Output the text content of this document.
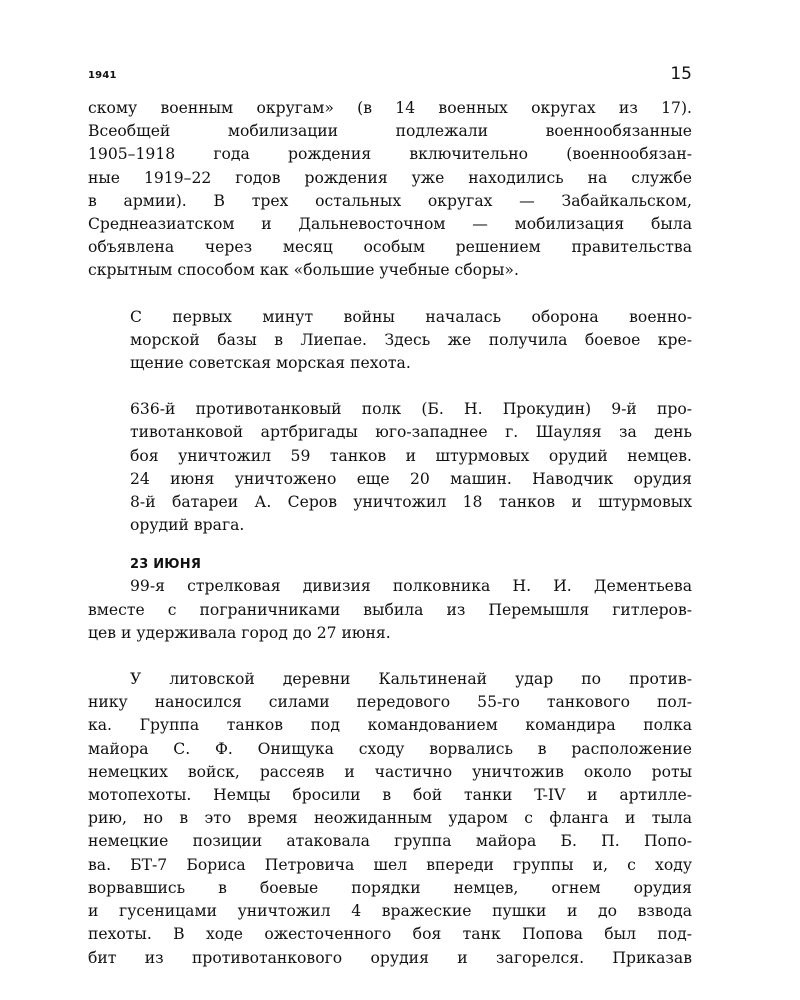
1941	15

скому военным округам» (в 14 военных округах из 17).
Всеобщей мобилизации подлежали военнообязанные
1905–1918 года рождения включительно (военнообязан-
ные 1919–22 годов рождения уже находились на службе
в армии). В трех остальных округах — Забайкальском,
Среднеазиатском и Дальневосточном — мобилизация была
объявлена через месяц особым решением правительства
скрытным способом как «большие учебные сборы».

С первых минут войны началась оборона военно-
морской базы в Лиепае. Здесь же получила боевое кре-
щение советская морская пехота.

636-й противотанковый полк (Б. Н. Прокудин) 9-й про-
тивотанковой артбригады юго-западнее г. Шауляя за день
боя уничтожил 59 танков и штурмовых орудий немцев.
24 июня уничтожено еще 20 машин. Наводчик орудия
8-й батареи А. Серов уничтожил 18 танков и штурмовых
орудий врага.

23 ИЮНЯ

99-я стрелковая дивизия полковника Н. И. Дементьева
вместе с пограничниками выбила из Перемышля гитлеров-
цев и удерживала город до 27 июня.

У литовской деревни Кальтиненай удар по против-
нику наносился силами передового 55-го танкового пол-
ка. Группа танков под командованием командира полка
майора С. Ф. Онищука сходу ворвались в расположение
немецких войск, рассеяв и частично уничтожив около роты
мотопехоты. Немцы бросили в бой танки T-IV и артилле-
рию, но в это время неожиданным ударом с фланга и тыла
немецкие позиции атаковала группа майора Б. П. Попо-
ва. БТ-7 Бориса Петровича шел впереди группы и, с ходу
ворвавшись в боевые порядки немцев, огнем орудия
и гусеницами уничтожил 4 вражеские пушки и до взвода
пехоты. В ходе ожесточенного боя танк Попова был под-
бит из противотанкового орудия и загорелся. Приказав
